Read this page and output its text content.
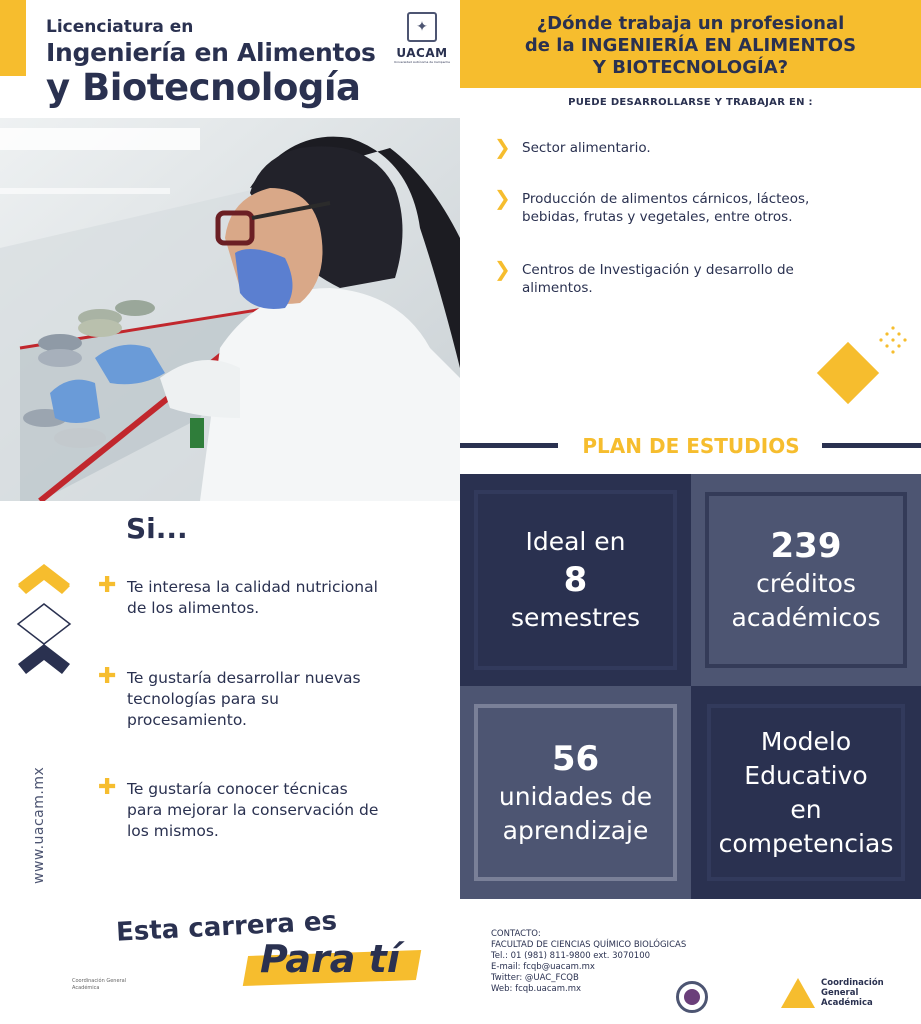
Licenciatura en
Ingeniería en Alimentos
y Biotecnología
✦
UACAM
Universidad Autónoma de Campeche
¿Dónde trabaja un profesional
de la INGENIERÍA EN ALIMENTOS
Y BIOTECNOLOGÍA?
PUEDE DESARROLLARSE Y TRABAJAR EN :
❯ Sector alimentario.
❯ Producción de alimentos cárnicos, lácteos,
bebidas, frutas y vegetales, entre otros.
❯ Centros de Investigación y desarrollo de
alimentos.
PLAN DE ESTUDIOS
Ideal en
8
semestres
239
créditos
académicos
56
unidades de
aprendizaje
Modelo
Educativo
en
competencias
Si...
✚ Te interesa la calidad nutricional
de los alimentos.
✚ Te gustaría desarrollar nuevas
tecnologías para su
procesamiento.
✚ Te gustaría conocer técnicas
para mejorar la conservación de
los mismos.
www.uacam.mx
Esta carrera es
Para tí
Coordinación General Académica
CONTACTO:
FACULTAD DE CIENCIAS QUÍMICO BIOLÓGICAS
Tel.: 01 (981) 811-9800 ext. 3070100
E-mail: fcqb@uacam.mx
Twitter: @UAC_FCQB
Web: fcqb.uacam.mx
Coordinación General
Académica
